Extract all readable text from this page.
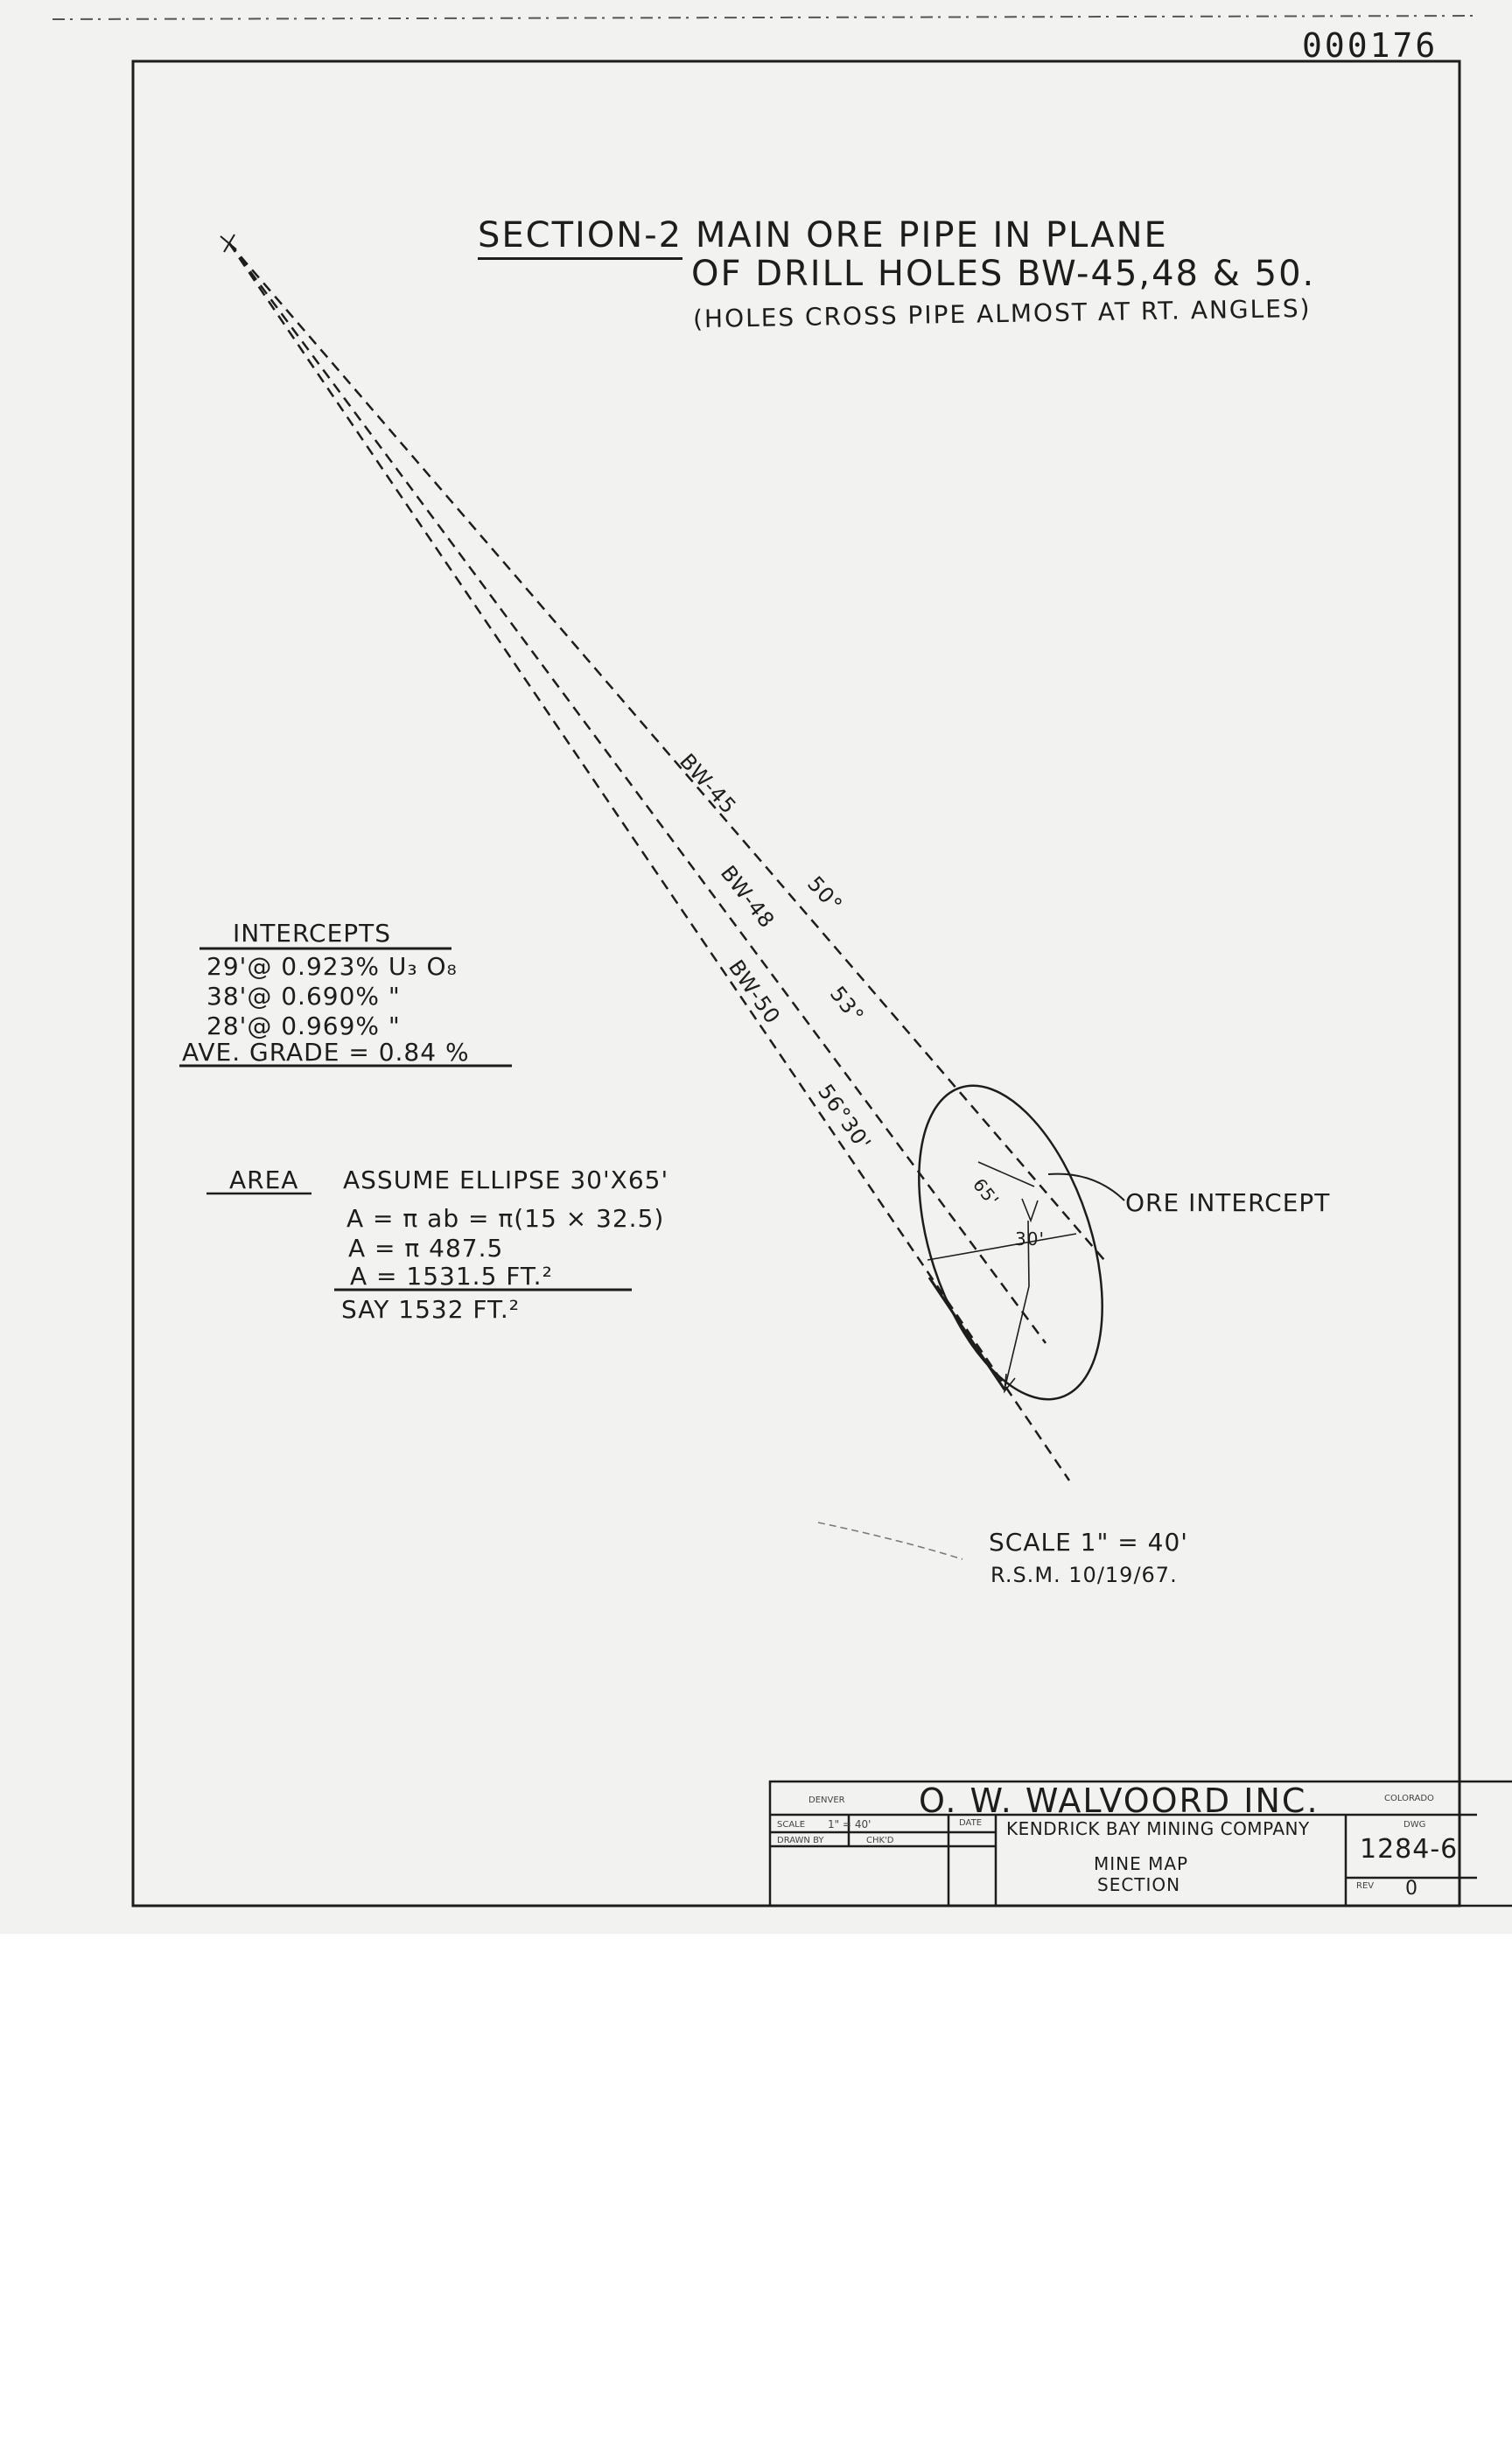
000176
SECTION-2 MAIN ORE PIPE IN PLANE
OF DRILL HOLES BW-45,48 & 50.
(HOLES CROSS PIPE ALMOST AT RT. ANGLES)
BW-45
50°
BW-48
53°
BW-50
56°30'
INTERCEPTS
29'@ 0.923% U₃ O₈
38'@ 0.690% "
28'@ 0.969% "
AVE. GRADE = 0.84 %
AREA ASSUME ELLIPSE 30'X65'
A = π ab = π(15 × 32.5)
A = π 487.5
A = 1531.5 FT.²
SAY 1532 FT.²
65'
30'
ORE INTERCEPT
SCALE 1" = 40'
R.S.M. 10/19/67.
DENVER O. W. WALVOORD INC.	COLORADO
SCALE 1" = 40'	DATE
DRAWN BY	CHK'D
KENDRICK BAY MINING COMPANY
MINE MAP
SECTION
DWG
1284-6
REV 0
